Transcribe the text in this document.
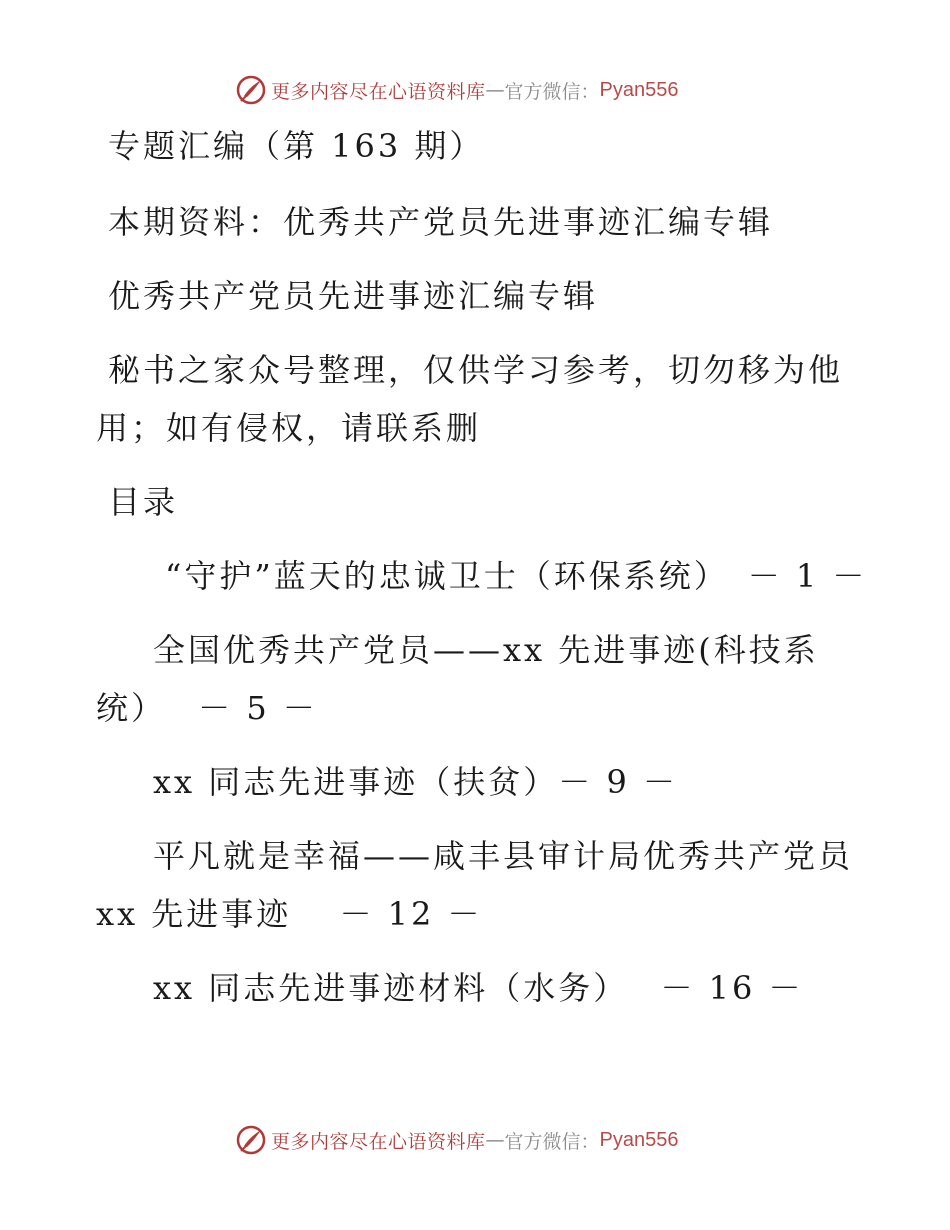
更多内容尽在心语资料库 — 官方微信： Pyan556
专题汇编（第 163 期）
本期资料：优秀共产党员先进事迹汇编专辑
优秀共产党员先进事迹汇编专辑
秘书之家众号整理，仅供学习参考，切勿移为他
用；如有侵权，请联系删
目录
“守护”蓝天的忠诚卫士（环保系统）　－ 1 －
全国优秀共产党员——xx 先进事迹(科技系
统）　 － 5 －
xx 同志先进事迹（扶贫）－ 9 －
平凡就是幸福——咸丰县审计局优秀共产党员
xx 先进事迹　 － 12 －
xx 同志先进事迹材料（水务）　 － 16 －
更多内容尽在心语资料库 — 官方微信： Pyan556
